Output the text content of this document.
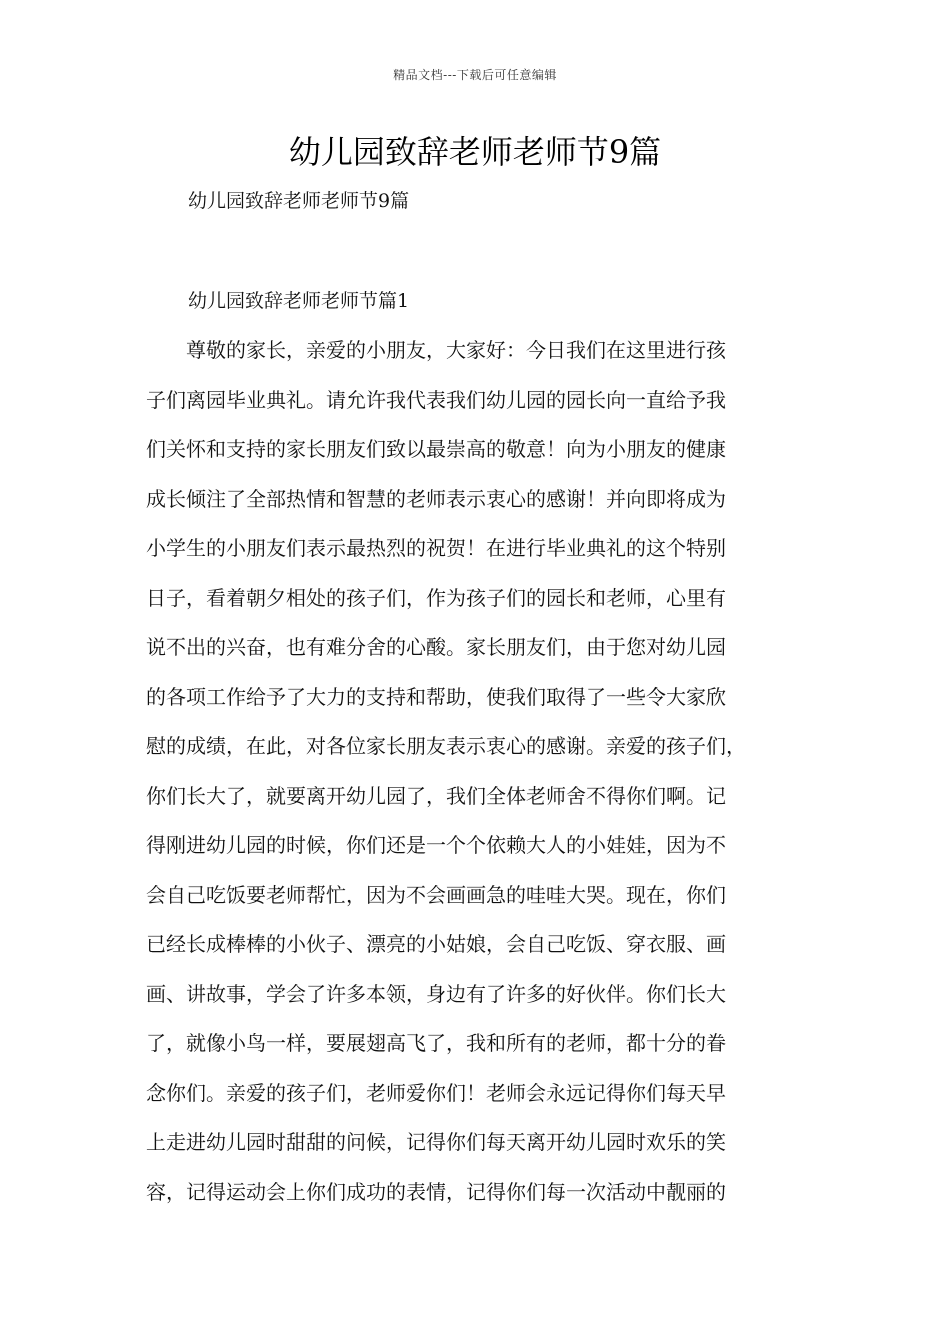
精品文档---下载后可任意编辑
幼儿园致辞老师老师节9篇

幼儿园致辞老师老师节9篇

幼儿园致辞老师老师节篇1

　　尊敬的家长，亲爱的小朋友，大家好：今日我们在这里进行孩
子们离园毕业典礼。请允许我代表我们幼儿园的园长向一直给予我
们关怀和支持的家长朋友们致以最崇高的敬意！向为小朋友的健康
成长倾注了全部热情和智慧的老师表示衷心的感谢！并向即将成为
小学生的小朋友们表示最热烈的祝贺！在进行毕业典礼的这个特别
日子，看着朝夕相处的孩子们，作为孩子们的园长和老师，心里有
说不出的兴奋，也有难分舍的心酸。家长朋友们，由于您对幼儿园
的各项工作给予了大力的支持和帮助，使我们取得了一些令大家欣
慰的成绩，在此，对各位家长朋友表示衷心的感谢。亲爱的孩子们，
你们长大了，就要离开幼儿园了，我们全体老师舍不得你们啊。记
得刚进幼儿园的时候，你们还是一个个依赖大人的小娃娃，因为不
会自己吃饭要老师帮忙，因为不会画画急的哇哇大哭。现在，你们
已经长成棒棒的小伙子、漂亮的小姑娘，会自己吃饭、穿衣服、画
画、讲故事，学会了许多本领，身边有了许多的好伙伴。你们长大
了，就像小鸟一样，要展翅高飞了，我和所有的老师，都十分的眷
念你们。亲爱的孩子们，老师爱你们！老师会永远记得你们每天早
上走进幼儿园时甜甜的问候，记得你们每天离开幼儿园时欢乐的笑
容，记得运动会上你们成功的表情，记得你们每一次活动中靓丽的
